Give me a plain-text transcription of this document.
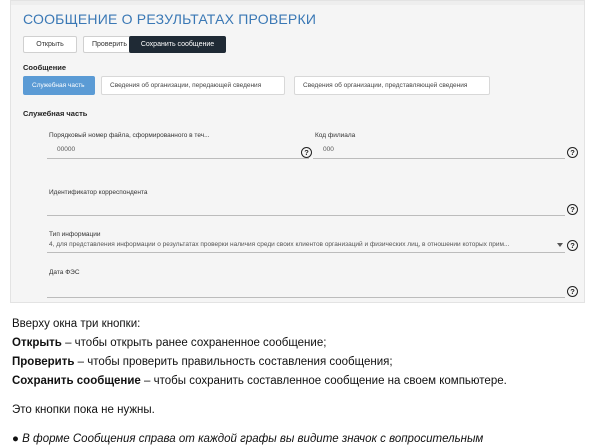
СООБЩЕНИЕ О РЕЗУЛЬТАТАХ ПРОВЕРКИ
Открыть	Проверить	Сохранить сообщение
Сообщение
Служебная часть	Сведения об организации, передающей сведения	Сведения об организации, представляющей сведения
Служебная часть
Порядковый номер файла, сформированного в теч...
00000	?
Код филиала
000	?
Идентификатор корреспондента
?
Тип информации
4, для представления информации о результатах проверки наличия среди своих клиентов организаций и физических лиц, в отношении которых прим...	?
Дата ФЭС
?
Вверху окна три кнопки:
Открыть – чтобы открыть ранее сохраненное сообщение;
Проверить – чтобы проверить правильность составления сообщения;
Сохранить сообщение – чтобы сохранить составленное сообщение на своем компьютере.
Это кнопки пока не нужны.
● В форме Сообщения справа от каждой графы вы видите значок с вопросительным
